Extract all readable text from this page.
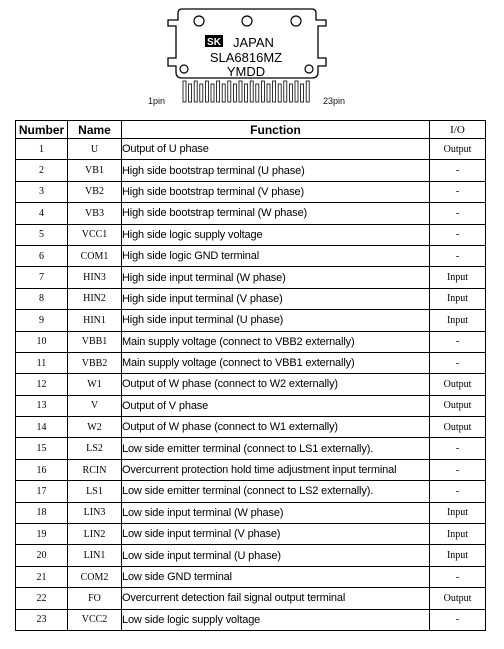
SK JAPAN
SLA6816MZ
YMDD
1pin	23pin
Number	Name	Function	I/O
1	U	Output of U phase	Output
2	VB1	High side bootstrap terminal (U phase)	-
3	VB2	High side bootstrap terminal (V phase)	-
4	VB3	High side bootstrap terminal (W phase)	-
5	VCC1	High side logic supply voltage	-
6	COM1	High side logic GND terminal	-
7	HIN3	High side input terminal (W phase)	Input
8	HIN2	High side input terminal (V phase)	Input
9	HIN1	High side input terminal (U phase)	Input
10	VBB1	Main supply voltage (connect to VBB2 externally)	-
11	VBB2	Main supply voltage (connect to VBB1 externally)	-
12	W1	Output of W phase (connect to W2 externally)	Output
13	V	Output of V phase	Output
14	W2	Output of W phase (connect to W1 externally)	Output
15	LS2	Low side emitter terminal (connect to LS1 externally).	-
16	RCIN	Overcurrent protection hold time adjustment input terminal	-
17	LS1	Low side emitter terminal (connect to LS2 externally).	-
18	LIN3	Low side input terminal (W phase)	Input
19	LIN2	Low side input terminal (V phase)	Input
20	LIN1	Low side input terminal (U phase)	Input
21	COM2	Low side GND terminal	-
22	FO	Overcurrent detection fail signal output terminal	Output
23	VCC2	Low side logic supply voltage	-
